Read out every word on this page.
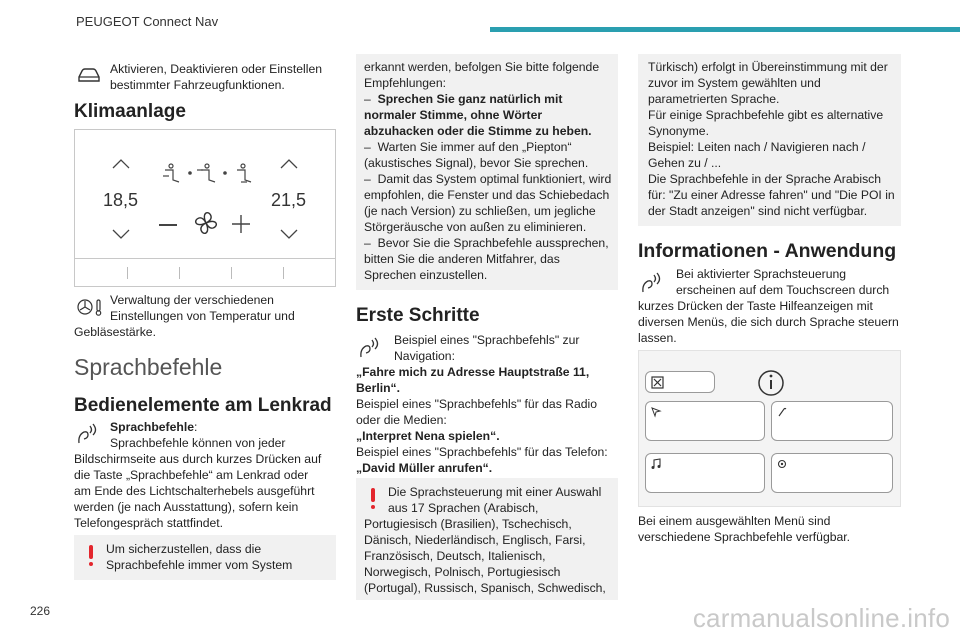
PEUGEOT Connect Nav
Aktivieren, Deaktivieren oder Einstellen
bestimmter Fahrzeugfunktionen.
Klimaanlage
18,5	21,5
Verwaltung der verschiedenen
Einstellungen von Temperatur und
Gebläsestärke.
Sprachbefehle
Bedienelemente am Lenkrad
Sprachbefehle:
Sprachbefehle können von jeder
Bildschirmseite aus durch kurzes Drücken auf
die Taste „Sprachbefehle“ am Lenkrad oder
am Ende des Lichtschalterhebels ausgeführt
werden (je nach Ausstattung), sofern kein
Telefongespräch stattfindet.
Um sicherzustellen, dass die
Sprachbefehle immer vom System
erkannt werden, befolgen Sie bitte folgende
Empfehlungen:
– Sprechen Sie ganz natürlich mit
normaler Stimme, ohne Wörter
abzuhacken oder die Stimme zu heben.
– Warten Sie immer auf den „Piepton“
(akustisches Signal), bevor Sie sprechen.
– Damit das System optimal funktioniert, wird
empfohlen, die Fenster und das Schiebedach
(je nach Version) zu schließen, um jegliche
Störgeräusche von außen zu eliminieren.
– Bevor Sie die Sprachbefehle aussprechen,
bitten Sie die anderen Mitfahrer, das
Sprechen einzustellen.
Erste Schritte
Beispiel eines "Sprachbefehls" zur
Navigation:
„Fahre mich zu Adresse Hauptstraße 11,
Berlin“.
Beispiel eines "Sprachbefehls" für das Radio
oder die Medien:
„Interpret Nena spielen“.
Beispiel eines "Sprachbefehls" für das Telefon:
„David Müller anrufen“.
Die Sprachsteuerung mit einer Auswahl
aus 17 Sprachen (Arabisch,
Portugiesisch (Brasilien), Tschechisch,
Dänisch, Niederländisch, Englisch, Farsi,
Französisch, Deutsch, Italienisch,
Norwegisch, Polnisch, Portugiesisch
(Portugal), Russisch, Spanisch, Schwedisch,
Türkisch) erfolgt in Übereinstimmung mit der
zuvor im System gewählten und
parametrierten Sprache.
Für einige Sprachbefehle gibt es alternative
Synonyme.
Beispiel: Leiten nach / Navigieren nach /
Gehen zu / ...
Die Sprachbefehle in der Sprache Arabisch
für: "Zu einer Adresse fahren" und "Die POI in
der Stadt anzeigen" sind nicht verfügbar.
Informationen - Anwendung
Bei aktivierter Sprachsteuerung
erscheinen auf dem Touchscreen durch
kurzes Drücken der Taste Hilfeanzeigen mit
diversen Menüs, die sich durch Sprache steuern
lassen.
Bei einem ausgewählten Menü sind
verschiedene Sprachbefehle verfügbar.
226	carmanualsonline.info
